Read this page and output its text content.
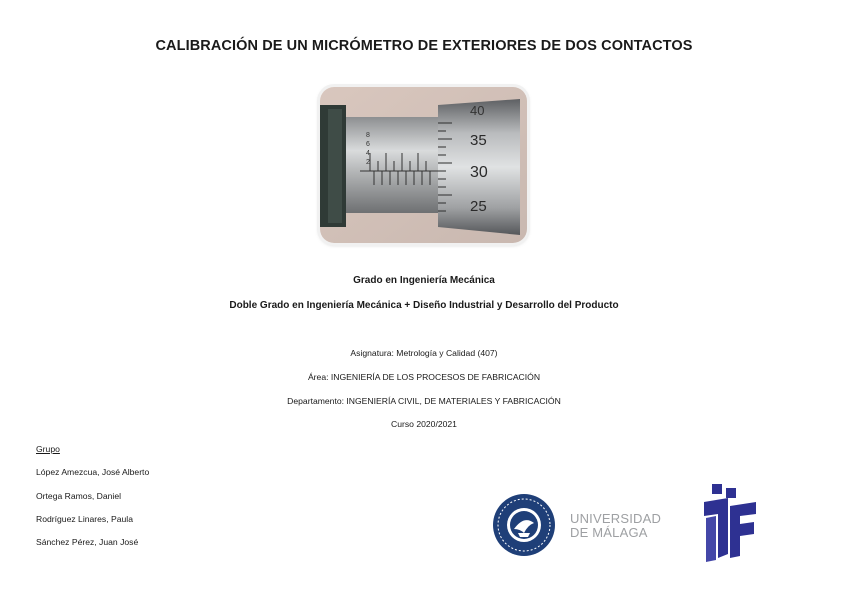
CALIBRACIÓN DE UN MICRÓMETRO DE EXTERIORES DE DOS CONTACTOS
40
35
30
25
8
6
4
2
Grado en Ingeniería Mecánica
Doble Grado en Ingeniería Mecánica + Diseño Industrial y Desarrollo del Producto
Asignatura: Metrología y Calidad (407)
Área: INGENIERÍA DE LOS PROCESOS DE FABRICACIÓN
Departamento: INGENIERÍA CIVIL, DE MATERIALES Y FABRICACIÓN
Curso 2020/2021
Grupo
López Amezcua, José Alberto
Ortega Ramos, Daniel
Rodríguez Linares, Paula
Sánchez Pérez, Juan José
UNIVERSIDAD
DE MÁLAGA
